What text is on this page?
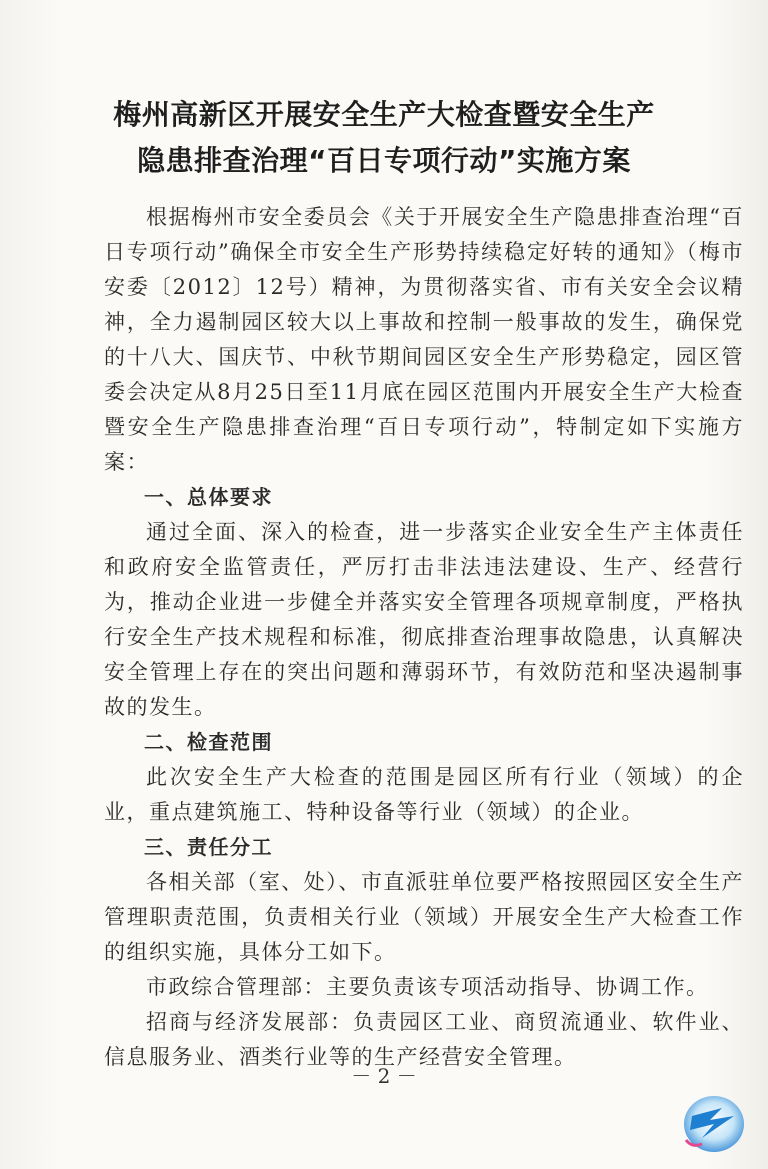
梅州高新区开展安全生产大检查暨安全生产
隐患排查治理“百日专项行动”实施方案

根据梅州市安全委员会《关于开展安全生产隐患排查治理“百日专项行动”确保全市安全生产形势持续稳定好转的通知》（梅市安委〔2012〕12号）精神，为贯彻落实省、市有关安全会议精神，全力遏制园区较大以上事故和控制一般事故的发生，确保党的十八大、国庆节、中秋节期间园区安全生产形势稳定，园区管委会决定从8月25日至11月底在园区范围内开展安全生产大检查暨安全生产隐患排查治理“百日专项行动”，特制定如下实施方案：

一、总体要求

通过全面、深入的检查，进一步落实企业安全生产主体责任和政府安全监管责任，严厉打击非法违法建设、生产、经营行为，推动企业进一步健全并落实安全管理各项规章制度，严格执行安全生产技术规程和标准，彻底排查治理事故隐患，认真解决安全管理上存在的突出问题和薄弱环节，有效防范和坚决遏制事故的发生。

二、检查范围

此次安全生产大检查的范围是园区所有行业（领域）的企业，重点建筑施工、特种设备等行业（领域）的企业。

三、责任分工

各相关部（室、处）、市直派驻单位要严格按照园区安全生产管理职责范围，负责相关行业（领域）开展安全生产大检查工作的组织实施，具体分工如下。

市政综合管理部：主要负责该专项活动指导、协调工作。

招商与经济发展部：负责园区工业、商贸流通业、软件业、信息服务业、酒类行业等的生产经营安全管理。

－ 2 －
